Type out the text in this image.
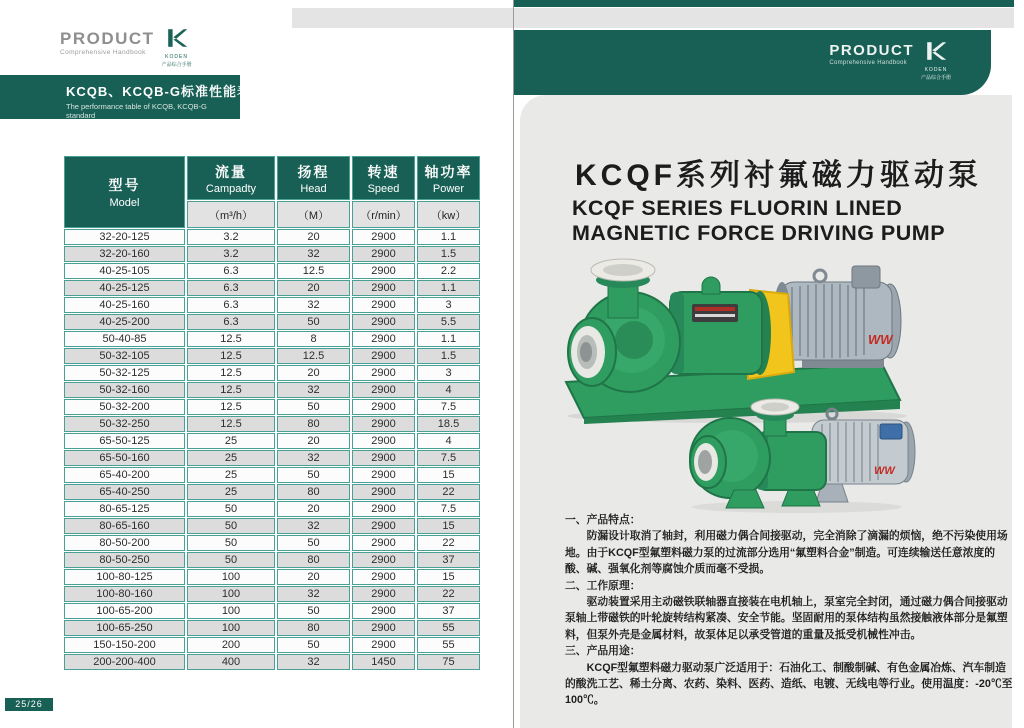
PRODUCT
Comprehensive Handbook
KODEN
产品综合手册
KCQB、KCQB-G标准性能表
The performance table of KCQB, KCQB-G
standard
型号
Model

流量
Campadty

扬程
Head

转速
Speed

轴功率
Power

	（m³/h）	（M）	（r/min）	（kw）
32-20-125	3.2	20	2900	1.1
32-20-160	3.2	32	2900	1.5
40-25-105	6.3	12.5	2900	2.2
40-25-125	6.3	20	2900	1.1
40-25-160	6.3	32	2900	3
40-25-200	6.3	50	2900	5.5
50-40-85	12.5	8	2900	1.1
50-32-105	12.5	12.5	2900	1.5
50-32-125	12.5	20	2900	3
50-32-160	12.5	32	2900	4
50-32-200	12.5	50	2900	7.5
50-32-250	12.5	80	2900	18.5
65-50-125	25	20	2900	4
65-50-160	25	32	2900	7.5
65-40-200	25	50	2900	15
65-40-250	25	80	2900	22
80-65-125	50	20	2900	7.5
80-65-160	50	32	2900	15
80-50-200	50	50	2900	22
80-50-250	50	80	2900	37
100-80-125	100	20	2900	15
100-80-160	100	32	2900	22
100-65-200	100	50	2900	37
100-65-250	100	80	2900	55
150-150-200	200	50	2900	55
200-200-400	400	32	1450	75
25/26
PRODUCT
Comprehensive Handbook
KODEN
产品综合手册
KCQF系列衬氟磁力驱动泵
KCQF SERIES FLUORIN LINED
MAGNETIC FORCE DRIVING PUMP
WW
WW
一、产品特点：
防漏设计取消了轴封，利用磁力偶合间接驱动，完全消除了滴漏的烦恼，绝不污染使用场地。由于KCQF型氟塑料磁力泵的过流部分选用“氟塑料合金”制造。可连续输送任意浓度的酸、碱、强氧化剂等腐蚀介质而毫不受损。
二、工作原理：
驱动装置采用主动磁铁联轴器直接装在电机轴上，泵室完全封闭，通过磁力偶合间接驱动泵轴上带磁铁的叶轮旋转结构紧凑、安全节能。坚固耐用的泵体结构虽然接触液体部分是氟塑料，但泵外壳是金属材料，故泵体足以承受管道的重量及抵受机械性冲击。
三、产品用途：
KCQF型氟塑料磁力驱动泵广泛适用于：石油化工、制酸制碱、有色金属冶炼、汽车制造的酸洗工艺、稀土分离、农药、染料、医药、造纸、电镀、无线电等行业。使用温度：-20℃至100℃。
